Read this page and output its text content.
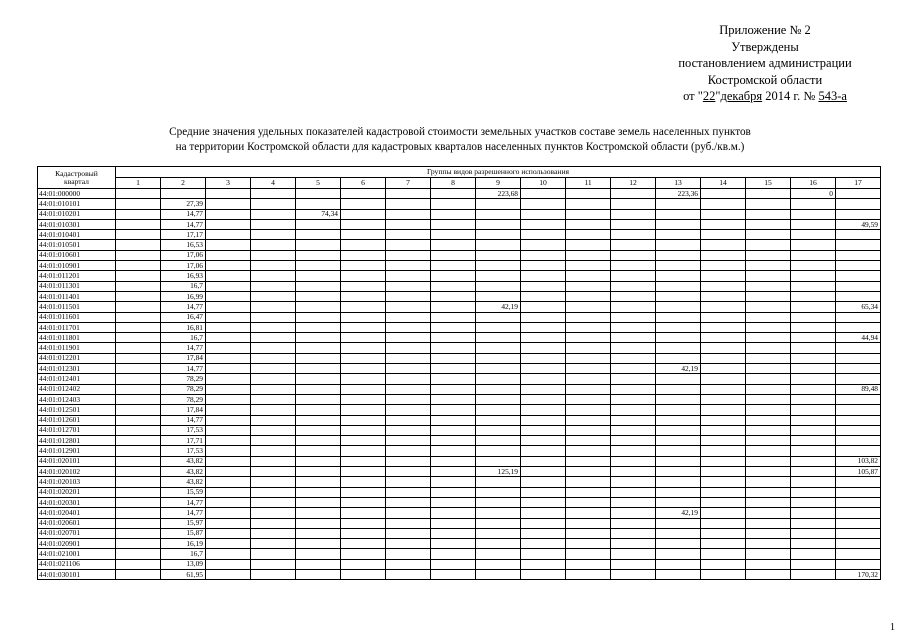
Приложение № 2
Утверждены
постановлением администрации
Костромской области
от "22"декабря 2014 г. № 543-а
Средние значения удельных показателей кадастровой стоимости земельных участков составе земель населенных пунктов
на территории Костромской области для кадастровых кварталов населенных пунктов Костромской области (руб./кв.м.)
Кадастровый
квартал	Группы видов разрешенного использования																
	1	2	3	4	5	6	7	8	9	10	11	12	13	14	15	16	17
44:01:000000									223,68				223,36			0	
44:01:010101		27,39															
44:01:010201		14,77			74,34												
44:01:010301		14,77															49,59
44:01:010401		17,17															
44:01:010501		16,53															
44:01:010601		17,06															
44:01:010901		17,06															
44:01:011201		16,93															
44:01:011301		16,7															
44:01:011401		16,99															
44:01:011501		14,77							42,19								65,34
44:01:011601		16,47															
44:01:011701		16,81															
44:01:011801		16,7															44,94
44:01:011901		14,77															
44:01:012201		17,84															
44:01:012301		14,77											42,19				
44:01:012401		78,29															
44:01:012402		78,29															89,48
44:01:012403		78,29															
44:01:012501		17,84															
44:01:012601		14,77															
44:01:012701		17,53															
44:01:012801		17,71															
44:01:012901		17,53															
44:01:020101		43,82															103,82
44:01:020102		43,82							125,19								105,87
44:01:020103		43,82															
44:01:020201		15,59															
44:01:020301		14,77															
44:01:020401		14,77											42,19				
44:01:020601		15,97															
44:01:020701		15,87															
44:01:020901		16,19															
44:01:021001		16,7															
44:01:021106		13,09															
44:01:030101		61,95															170,32
1
